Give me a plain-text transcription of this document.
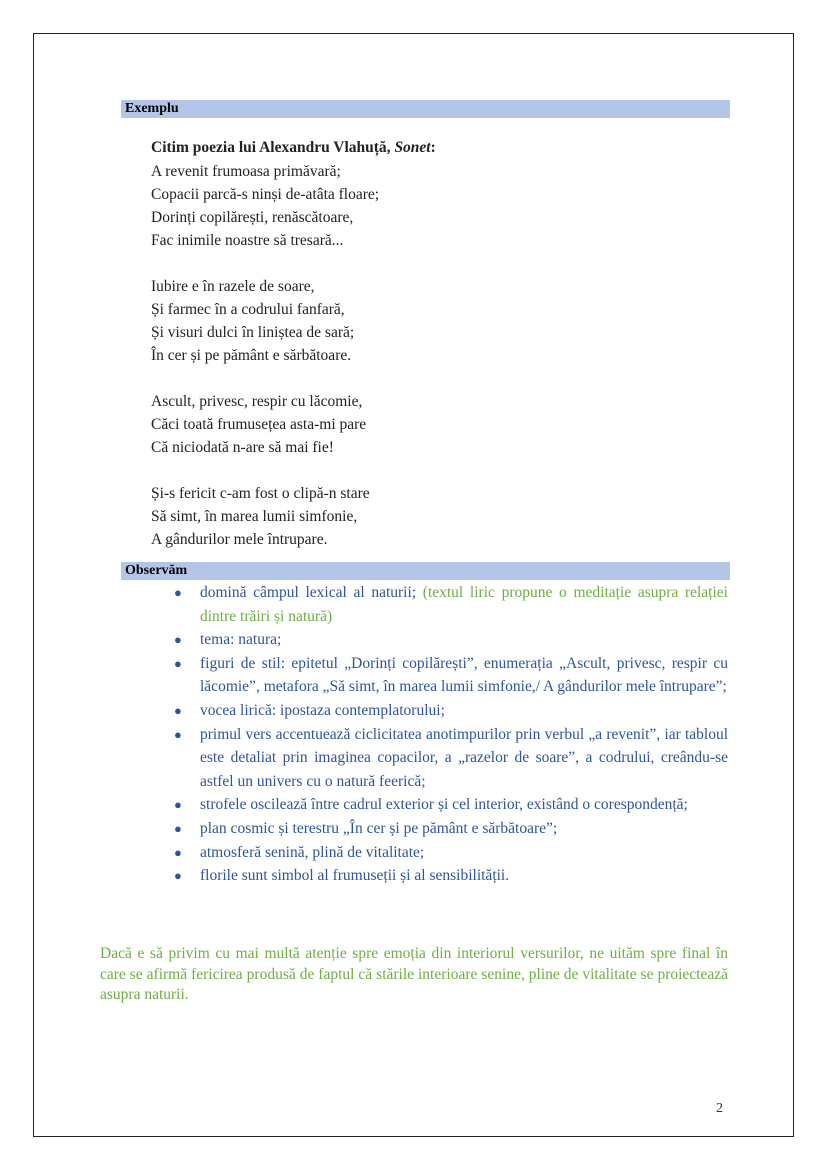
Exemplu
Citim poezia lui Alexandru Vlahuță, Sonet:
A revenit frumoasa primăvară;
Copacii parcă-s ninși de-atâta floare;
Dorinți copilărești, renăscătoare,
Fac inimile noastre să tresară...
Iubire e în razele de soare,
Și farmec în a codrului fanfară,
Și visuri dulci în liniștea de sară;
În cer și pe pământ e sărbătoare.
Ascult, privesc, respir cu lăcomie,
Căci toată frumusețea asta-mi pare
Că niciodată n-are să mai fie!
Și-s fericit c-am fost o clipă-n stare
Să simt, în marea lumii simfonie,
A gândurilor mele întrupare.
Observăm
● domină câmpul lexical al naturii; (textul liric propune o meditație asupra relației dintre trăiri și natură)
● tema: natura;
● figuri de stil: epitetul „Dorinți copilărești”, enumerația „Ascult, privesc, respir cu lăcomie”, metafora „Să simt, în marea lumii simfonie,/ A gândurilor mele întrupare”;
● vocea lirică: ipostaza contemplatorului;
● primul vers accentuează ciclicitatea anotimpurilor prin verbul „a revenit”, iar tabloul este detaliat prin imaginea copacilor, a „razelor de soare”, a codrului, creându-se astfel un univers cu o natură feerică;
● strofele oscilează între cadrul exterior și cel interior, existând o corespondență;
● plan cosmic și terestru „În cer și pe pământ e sărbătoare”;
● atmosferă senină, plină de vitalitate;
● florile sunt simbol al frumuseții și al sensibilității.

Dacă e să privim cu mai multă atenție spre emoția din interiorul versurilor, ne uităm spre final în care se afirmă fericirea produsă de faptul că stările interioare senine, pline de vitalitate se proiectează asupra naturii.

2
